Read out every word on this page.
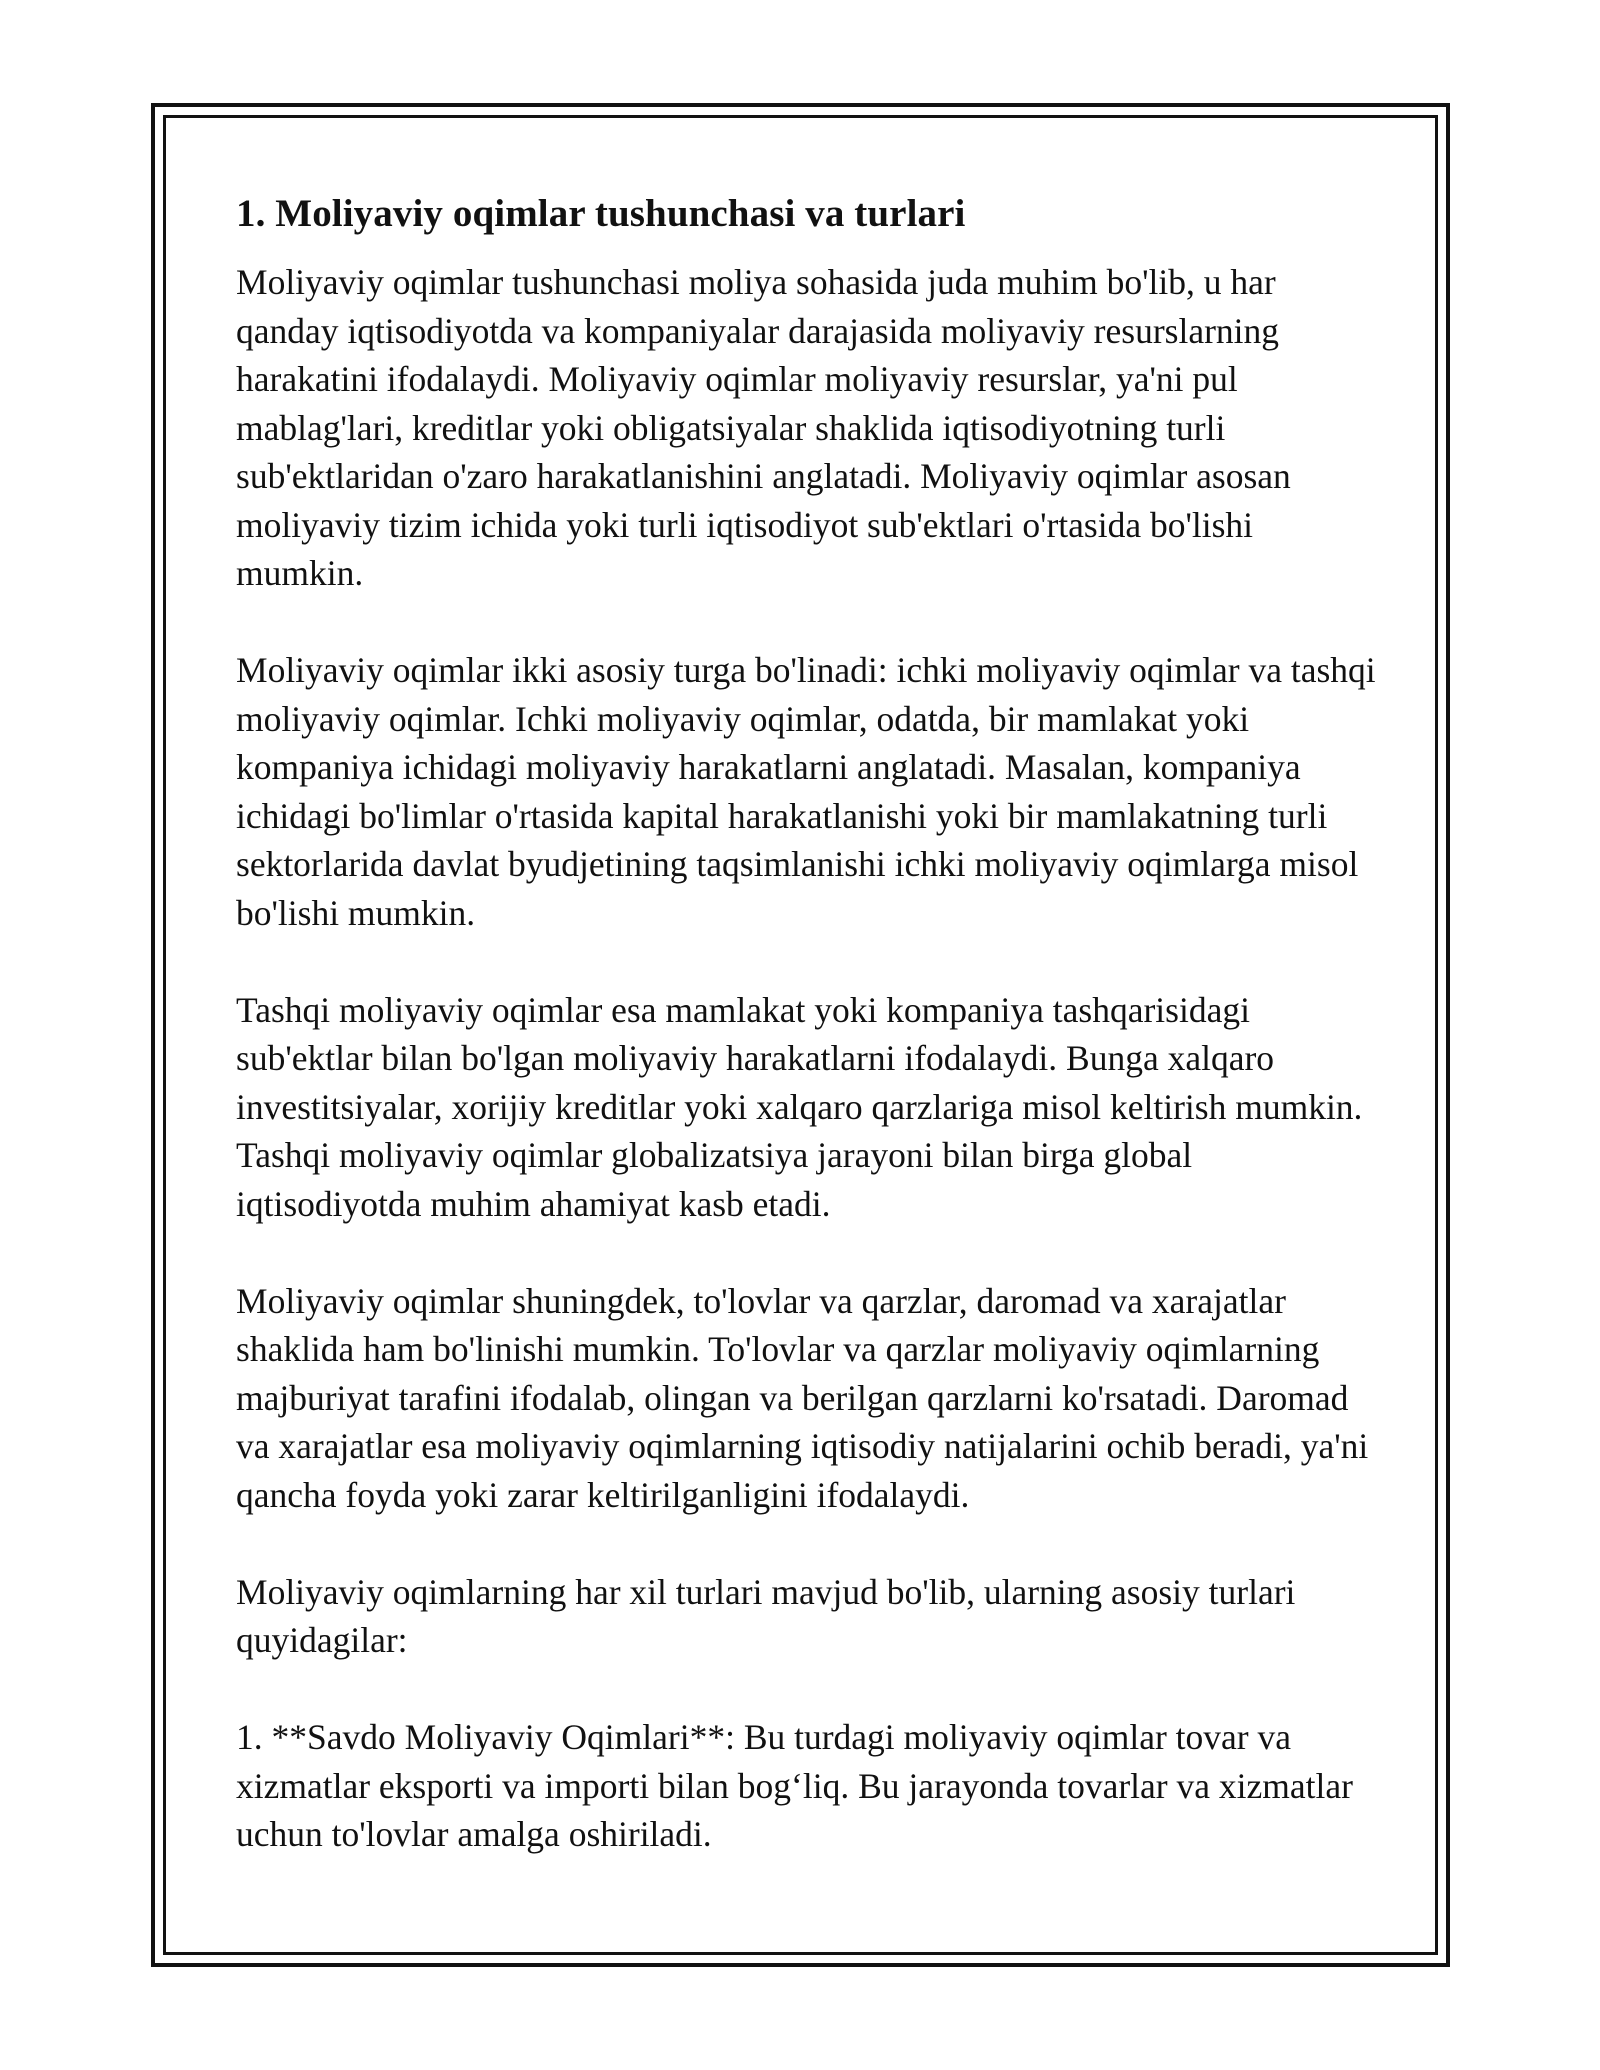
1. Moliyaviy oqimlar tushunchasi va turlari

Moliyaviy oqimlar tushunchasi moliya sohasida juda muhim bo'lib, u har qanday iqtisodiyotda va kompaniyalar darajasida moliyaviy resurslarning harakatini ifodalaydi. Moliyaviy oqimlar moliyaviy resurslar, ya'ni pul mablag'lari, kreditlar yoki obligatsiyalar shaklida iqtisodiyotning turli sub'ektlaridan o'zaro harakatlanishini anglatadi. Moliyaviy oqimlar asosan moliyaviy tizim ichida yoki turli iqtisodiyot sub'ektlari o'rtasida bo'lishi mumkin.

Moliyaviy oqimlar ikki asosiy turga bo'linadi: ichki moliyaviy oqimlar va tashqi moliyaviy oqimlar. Ichki moliyaviy oqimlar, odatda, bir mamlakat yoki kompaniya ichidagi moliyaviy harakatlarni anglatadi. Masalan, kompaniya ichidagi bo'limlar o'rtasida kapital harakatlanishi yoki bir mamlakatning turli sektorlarida davlat byudjetining taqsimlanishi ichki moliyaviy oqimlarga misol bo'lishi mumkin.

Tashqi moliyaviy oqimlar esa mamlakat yoki kompaniya tashqarisidagi sub'ektlar bilan bo'lgan moliyaviy harakatlarni ifodalaydi. Bunga xalqaro investitsiyalar, xorijiy kreditlar yoki xalqaro qarzlariga misol keltirish mumkin. Tashqi moliyaviy oqimlar globalizatsiya jarayoni bilan birga global iqtisodiyotda muhim ahamiyat kasb etadi.

Moliyaviy oqimlar shuningdek, to'lovlar va qarzlar, daromad va xarajatlar shaklida ham bo'linishi mumkin. To'lovlar va qarzlar moliyaviy oqimlarning majburiyat tarafini ifodalab, olingan va berilgan qarzlarni ko'rsatadi. Daromad va xarajatlar esa moliyaviy oqimlarning iqtisodiy natijalarini ochib beradi, ya'ni qancha foyda yoki zarar keltirilganligini ifodalaydi.

Moliyaviy oqimlarning har xil turlari mavjud bo'lib, ularning asosiy turlari quyidagilar:

1. **Savdo Moliyaviy Oqimlari**: Bu turdagi moliyaviy oqimlar tovar va xizmatlar eksporti va importi bilan bog‘liq. Bu jarayonda tovarlar va xizmatlar uchun to'lovlar amalga oshiriladi.
